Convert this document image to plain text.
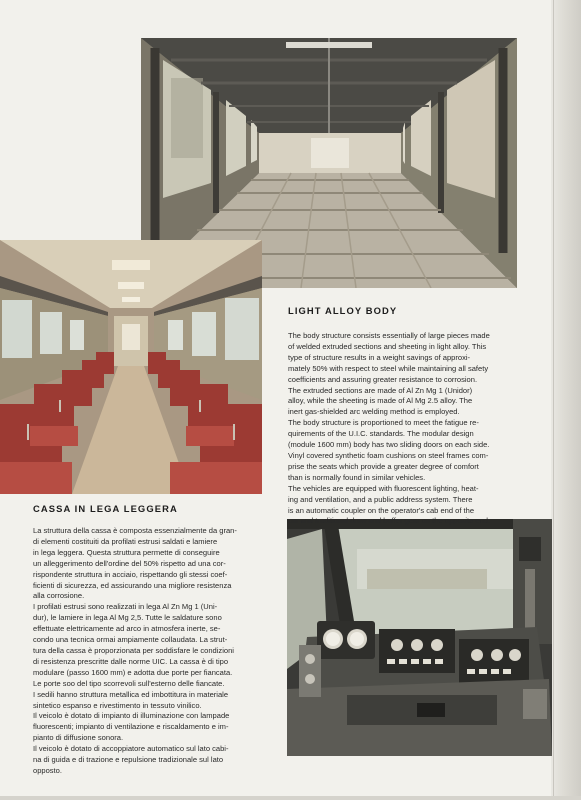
LIGHT ALLOY BODY
The body structure consists essentially of large pieces made
of welded extruded sections and sheeting in light alloy. This
type of structure results in a weight savings of approxi-
mately 50% with respect to steel while maintaining all safety
coefficients and assuring greater resistance to corrosion.
The extruded sections are made of Al Zn Mg 1 (Unidor)
alloy, while the sheeting is made of Al Mg 2.5 alloy. The
inert gas-shielded arc welding method is employed.
The body structure is proportioned to meet the fatigue re-
quirements of the U.I.C. standards. The modular design
(module 1600 mm) body has two sliding doors on each side.
Vinyl covered synthetic foam cushions on steel frames com-
prise the seats which provide a greater degree of comfort
than is normally found in similar vehicles.
The vehicles are equipped with fluorescent lighting, heat-
ing and ventilation, and a public address system. There
is an automatic coupler on the operator's cab end of the
car and traditional draw and buffer gear on the opposite end.
CASSA IN LEGA LEGGERA
La struttura della cassa è composta essenzialmente da gran-
di elementi costituiti da profilati estrusi saldati e lamiere
in lega leggera. Questa struttura permette di conseguire
un alleggerimento dell'ordine del 50% rispetto ad una cor-
rispondente struttura in acciaio, rispettando gli stessi coef-
ficienti di sicurezza, ed assicurando una migliore resistenza
alla corrosione.
I profilati estrusi sono realizzati in lega Al Zn Mg 1 (Uni-
dur), le lamiere in lega Al Mg 2,5. Tutte le saldature sono
effettuate elettricamente ad arco in atmosfera inerte, se-
condo una tecnica ormai ampiamente collaudata. La strut-
tura della cassa è proporzionata per soddisfare le condizioni
di resistenza prescritte dalle norme UIC. La cassa è di tipo
modulare (passo 1600 mm) e adotta due porte per fiancata.
Le porte soo del tipo scorrevoli sull'esterno delle fiancate.
I sedili hanno struttura metallica ed imbottitura in materiale
sintetico espanso e rivestimento in tessuto vinilico.
Il veicolo è dotato di impianto di illuminazione con lampade
fluorescenti; impianto di ventilazione e riscaldamento e im-
pianto di diffusione sonora.
Il veicolo è dotato di accoppiatore automatico sul lato cabi-
na di guida e di trazione e repulsione tradizionale sul lato
opposto.
